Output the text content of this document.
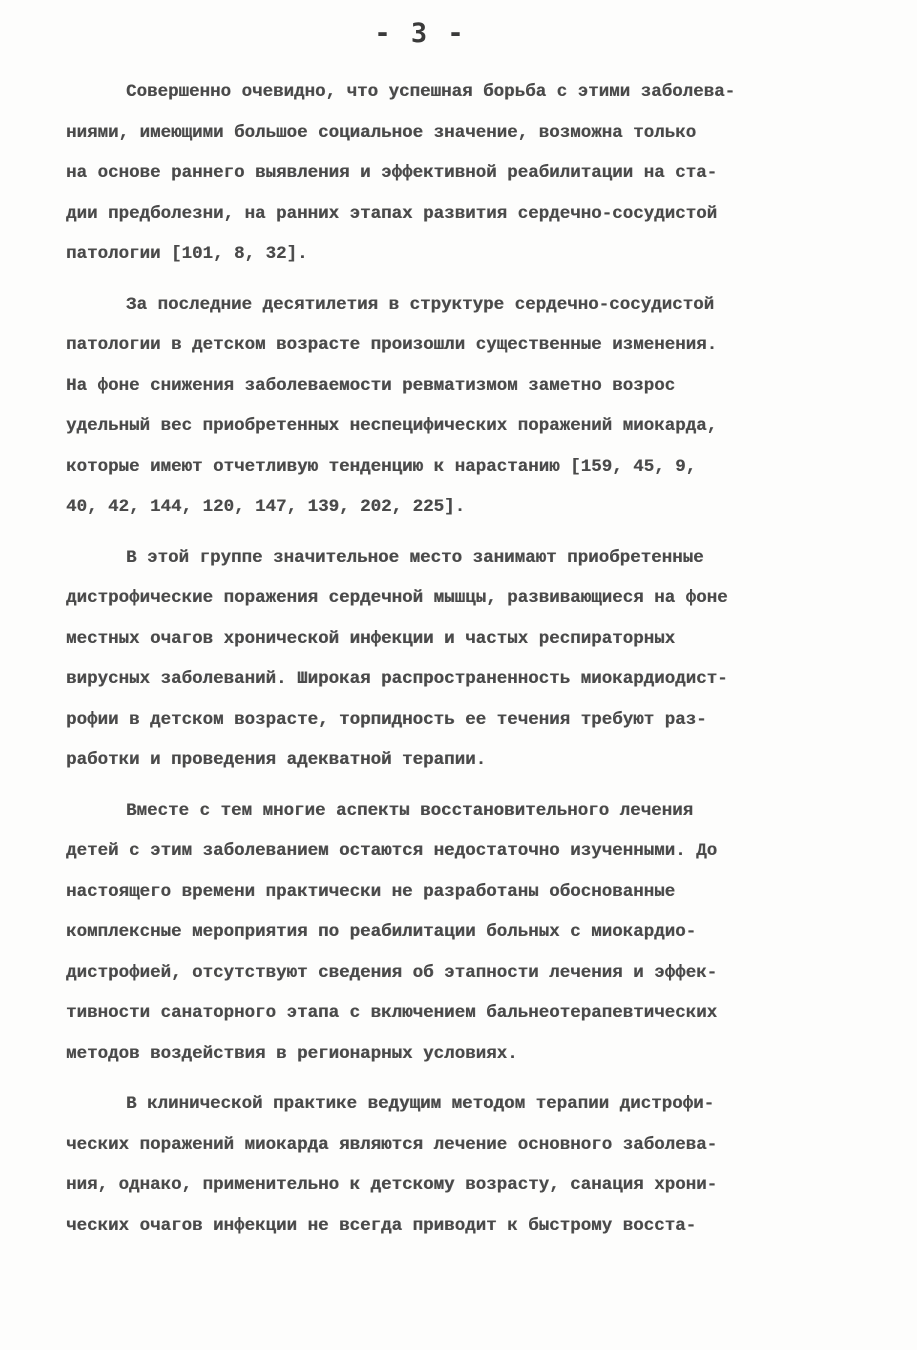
- 3 -
Совершенно очевидно, что успешная борьба с этими заболева-
ниями, имеющими большое социальное значение, возможна только
на основе раннего выявления и эффективной реабилитации на ста-
дии предболезни, на ранних этапах развития сердечно-сосудистой
патологии [101, 8, 32].
За последние десятилетия в структуре сердечно-сосудистой
патологии в детском возрасте произошли существенные изменения.
На фоне снижения заболеваемости ревматизмом заметно возрос
удельный вес приобретенных неспецифических поражений миокарда,
которые имеют отчетливую тенденцию к нарастанию [159, 45, 9,
40, 42, 144, 120, 147, 139, 202, 225].
В этой группе значительное место занимают приобретенные
дистрофические поражения сердечной мышцы, развивающиеся на фоне
местных очагов хронической инфекции и частых респираторных
вирусных заболеваний. Широкая распространенность миокардиодист-
рофии в детском возрасте, торпидность ее течения требуют раз-
работки и проведения адекватной терапии.
Вместе с тем многие аспекты восстановительного лечения
детей с этим заболеванием остаются недостаточно изученными. До
настоящего времени практически не разработаны обоснованные
комплексные мероприятия по реабилитации больных с миокардио-
дистрофией, отсутствуют сведения об этапности лечения и эффек-
тивности санаторного этапа с включением бальнеотерапевтических
методов воздействия в регионарных условиях.
В клинической практике ведущим методом терапии дистрофи-
ческих поражений миокарда являются лечение основного заболева-
ния, однако, применительно к детскому возрасту, санация хрони-
ческих очагов инфекции не всегда приводит к быстрому восста-
